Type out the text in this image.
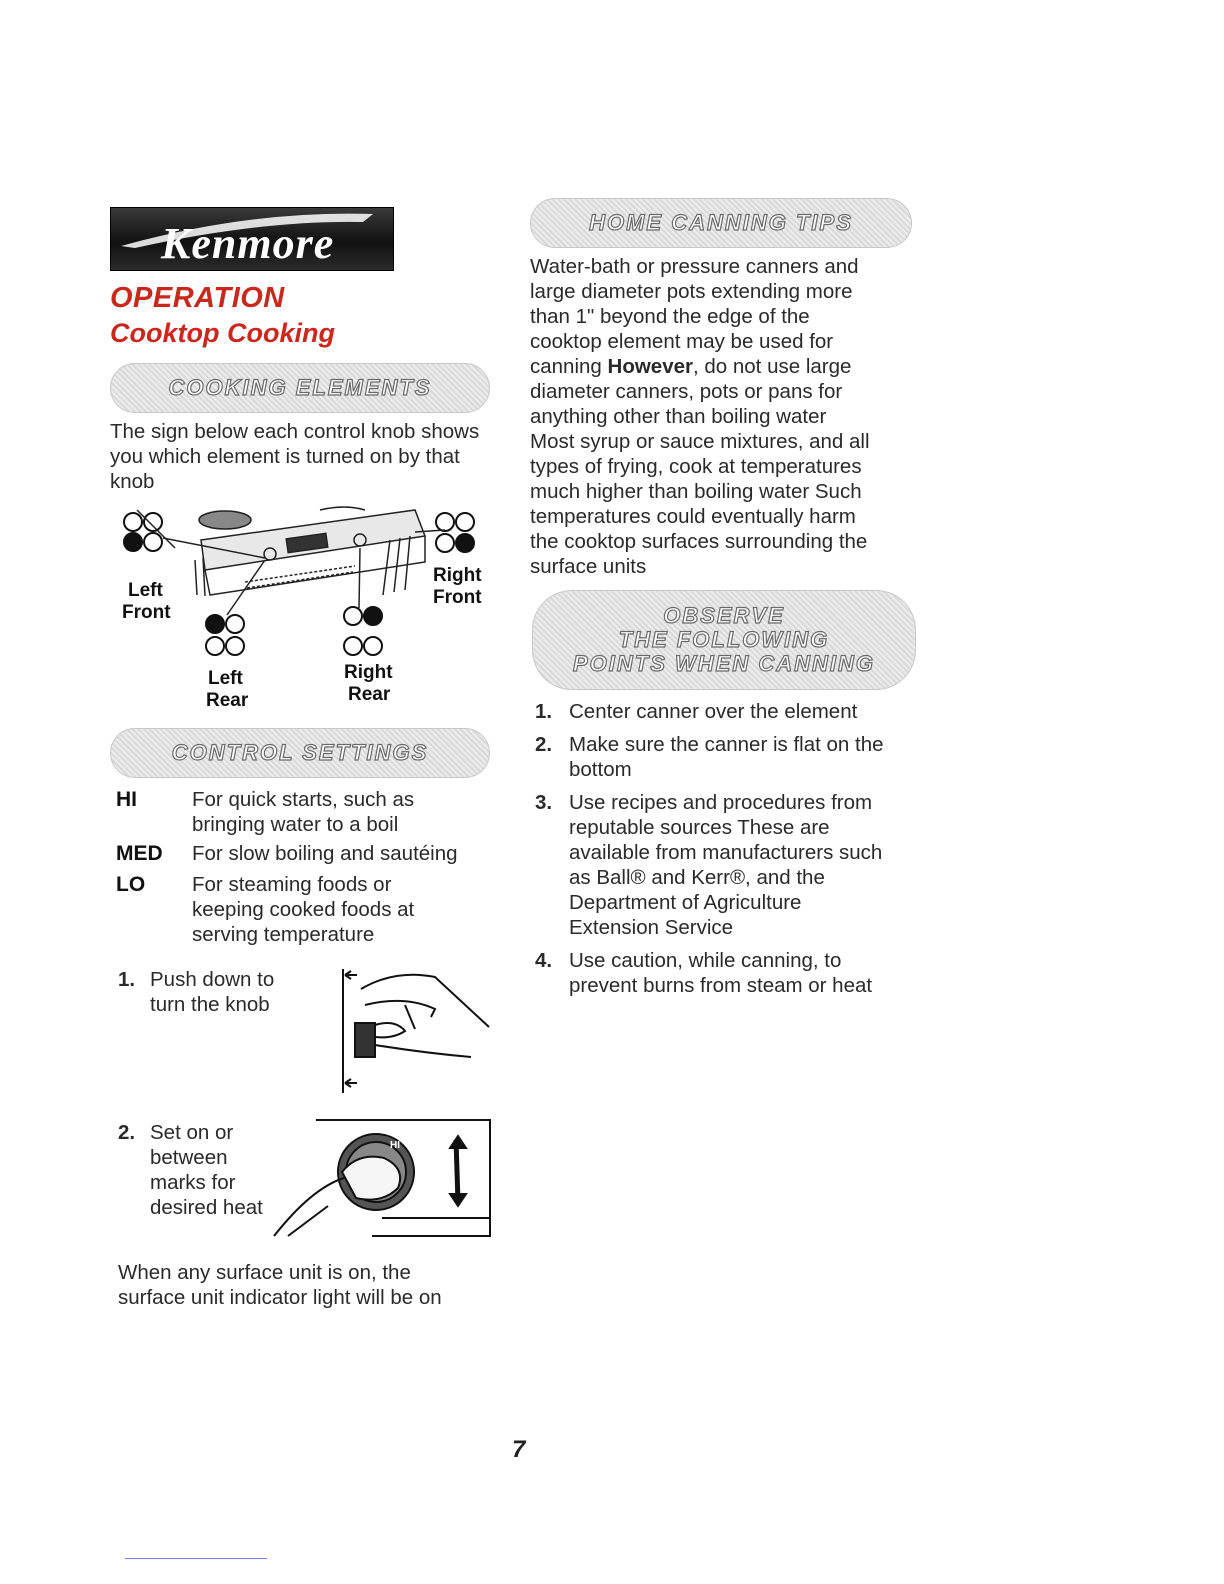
Kenmore
OPERATION
Cooktop Cooking
COOKING ELEMENTS
The sign below each control knob shows you which element is turned on by that knob
Left
Front
Right
Front
Left
Rear
Right
Rear
CONTROL SETTINGS
HI	For quick starts, such as
bringing water to a boil
MED	For slow boiling and sautéing
LO	For steaming foods or
keeping cooked foods at
serving temperature
1. Push down to
turn the knob
2. Set on or
between
marks for
desired heat
HI
When any surface unit is on, the
surface unit indicator light will be on
HOME CANNING TIPS
Water-bath or pressure canners and
large diameter pots extending more
than 1" beyond the edge of the
cooktop element may be used for
canning However, do not use large
diameter canners, pots or pans for
anything other than boiling water
Most syrup or sauce mixtures, and all
types of frying, cook at temperatures
much higher than boiling water Such
temperatures could eventually harm
the cooktop surfaces surrounding the
surface units
OBSERVE
THE FOLLOWING
POINTS WHEN CANNING
1. Center canner over the element
2. Make sure the canner is flat on the
bottom
3. Use recipes and procedures from
reputable sources These are
available from manufacturers such
as Ball® and Kerr®, and the
Department of Agriculture
Extension Service
4. Use caution, while canning, to
prevent burns from steam or heat
7
